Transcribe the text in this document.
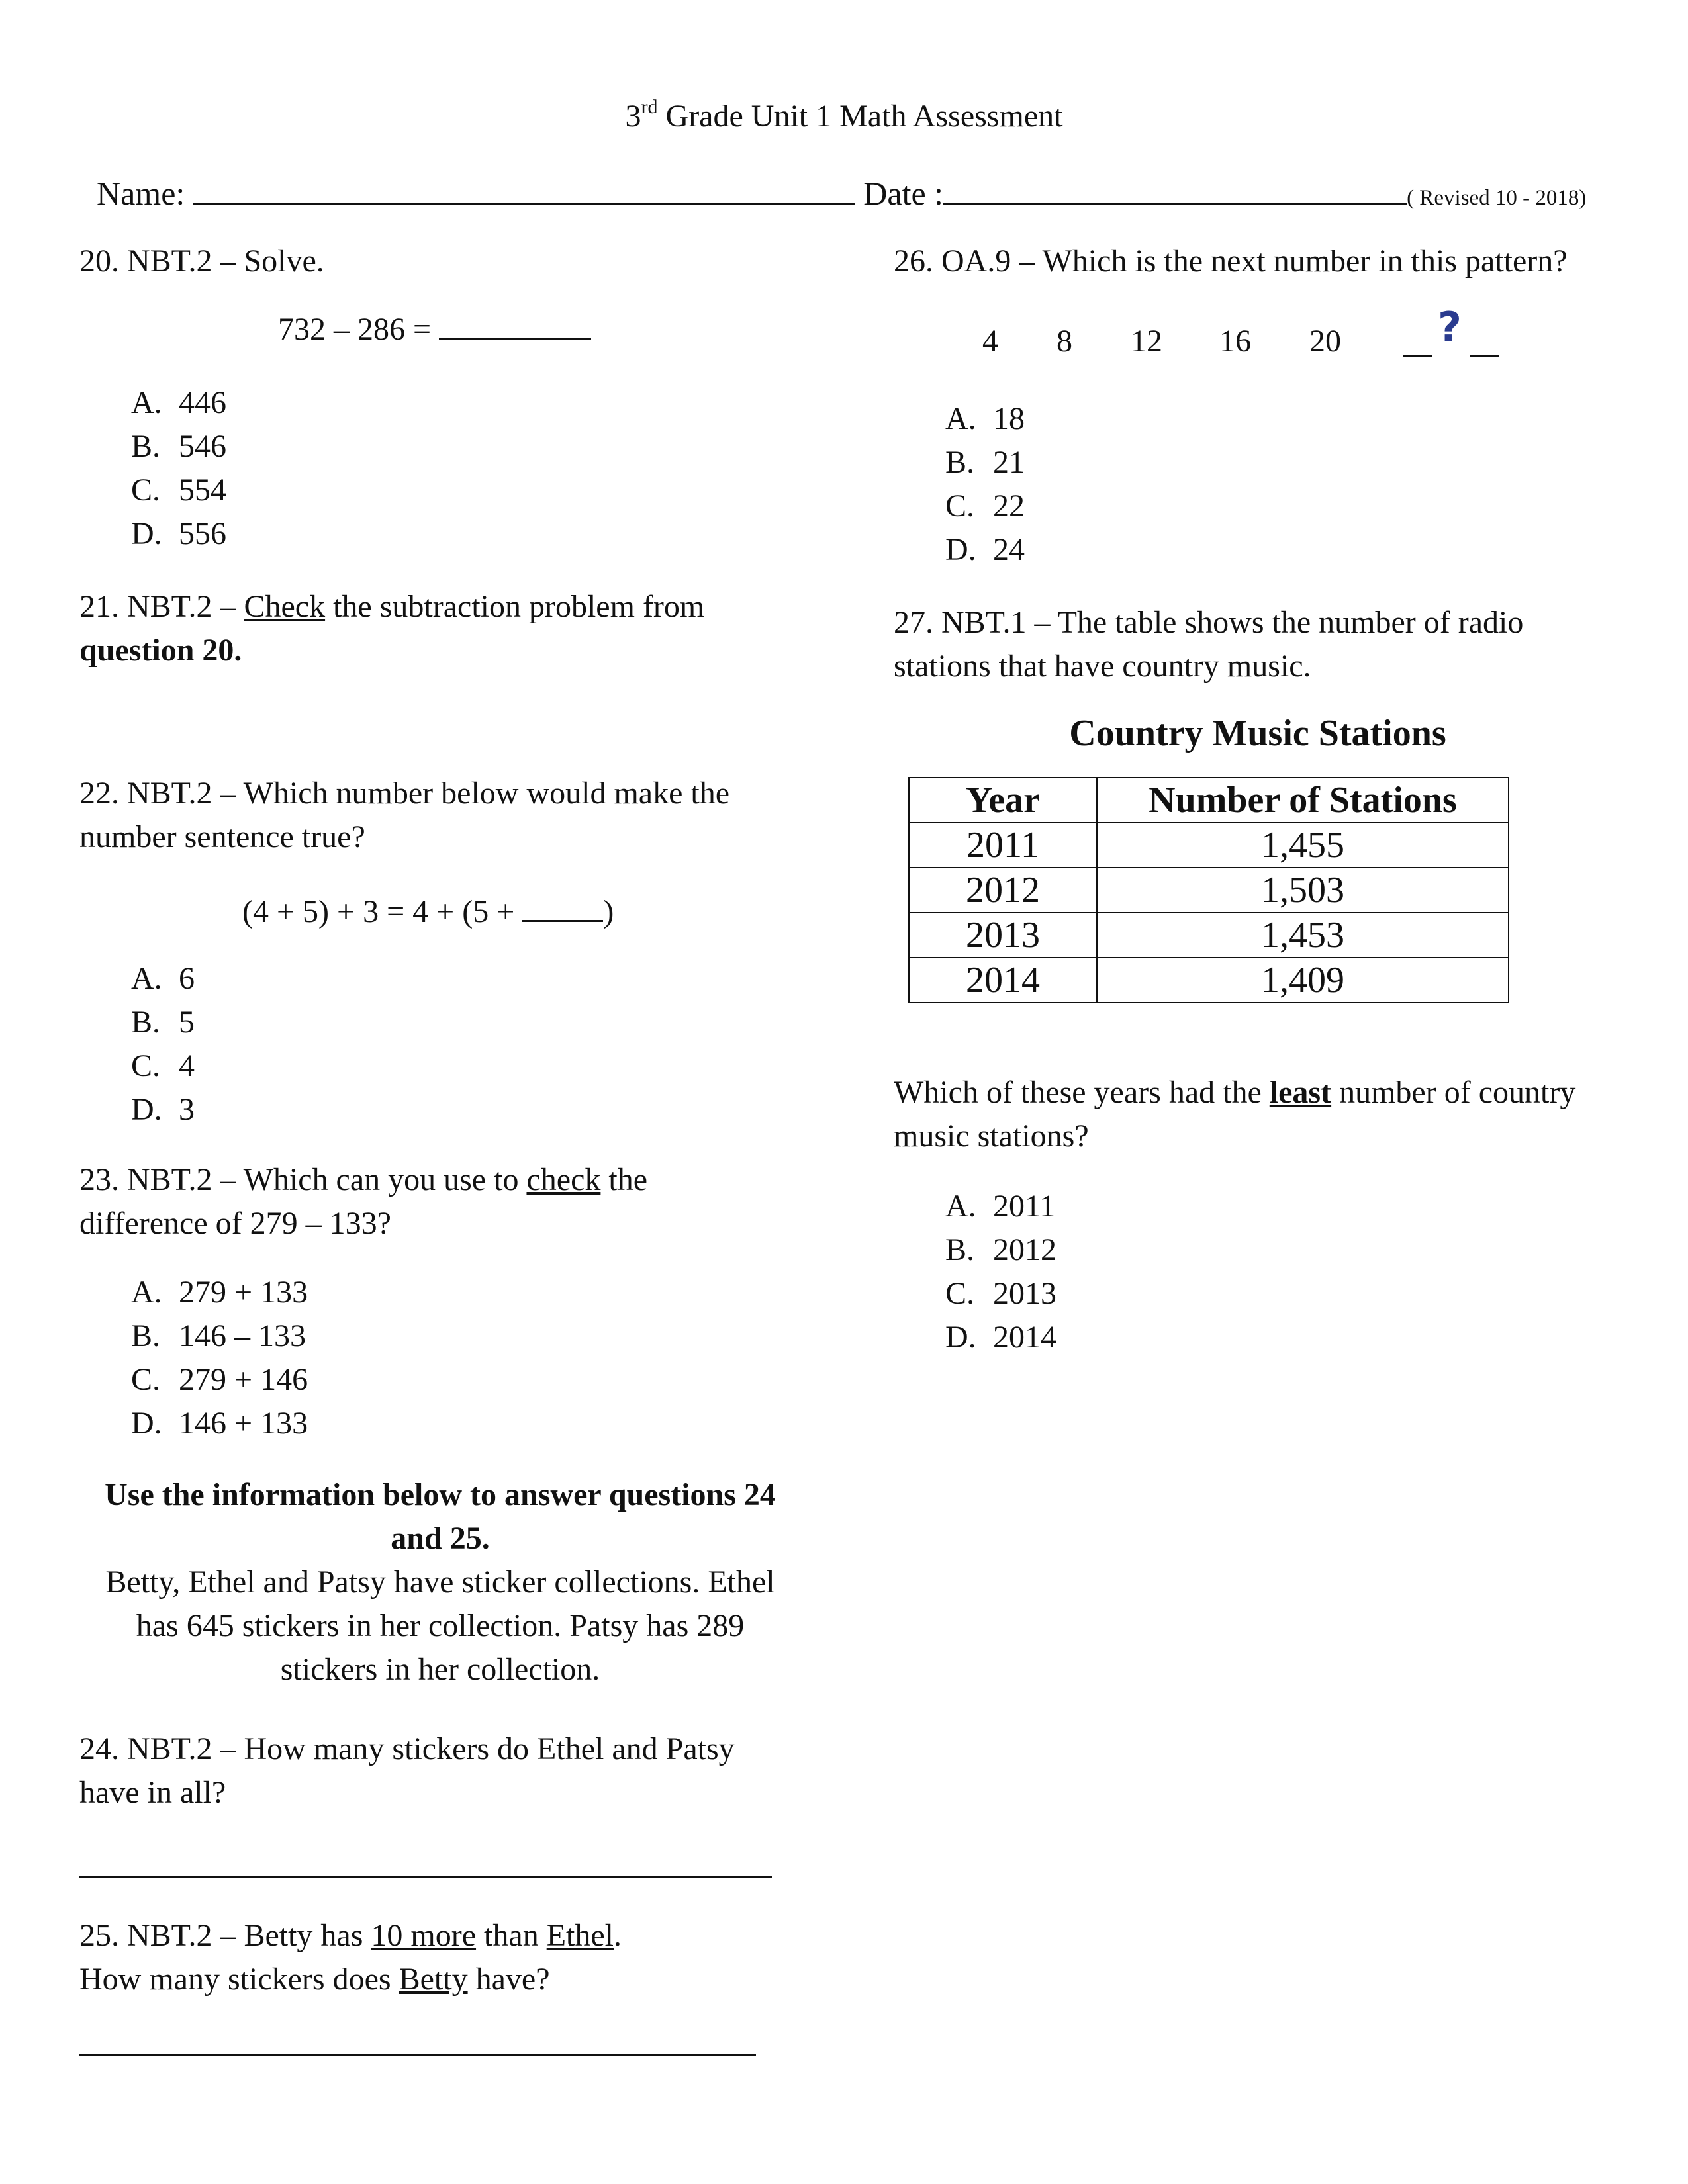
3rd Grade Unit 1 Math Assessment
Name:	Date :	( Revised 10 - 2018)
20. NBT.2 – Solve.
732 – 286 =
A. 446
B. 546
C. 554
D. 556
21. NBT.2 – Check the subtraction problem from
question 20.
22. NBT.2 – Which number below would make the
number sentence true?
(4 + 5) + 3 = 4 + (5 +	)
A. 6
B. 5
C. 4
D. 3
23. NBT.2 – Which can you use to check the
difference of 279 – 133?
A. 279 + 133
B. 146 – 133
C. 279 + 146
D. 146 + 133
Use the information below to answer questions 24
and 25.
Betty, Ethel and Patsy have sticker collections. Ethel
has 645 stickers in her collection. Patsy has 289
stickers in her collection.
24. NBT.2 – How many stickers do Ethel and Patsy
have in all?
25. NBT.2 – Betty has 10 more than Ethel.
How many stickers does Betty have?
26. OA.9 – Which is the next number in this pattern?
4 8 12 16 20 ?
A. 18
B. 21
C. 22
D. 24
27. NBT.1 – The table shows the number of radio
stations that have country music.
Country Music Stations
Year	Number of Stations
2011	1,455
2012	1,503
2013	1,453
2014	1,409
Which of these years had the least number of country
music stations?
A. 2011
B. 2012
C. 2013
D. 2014
